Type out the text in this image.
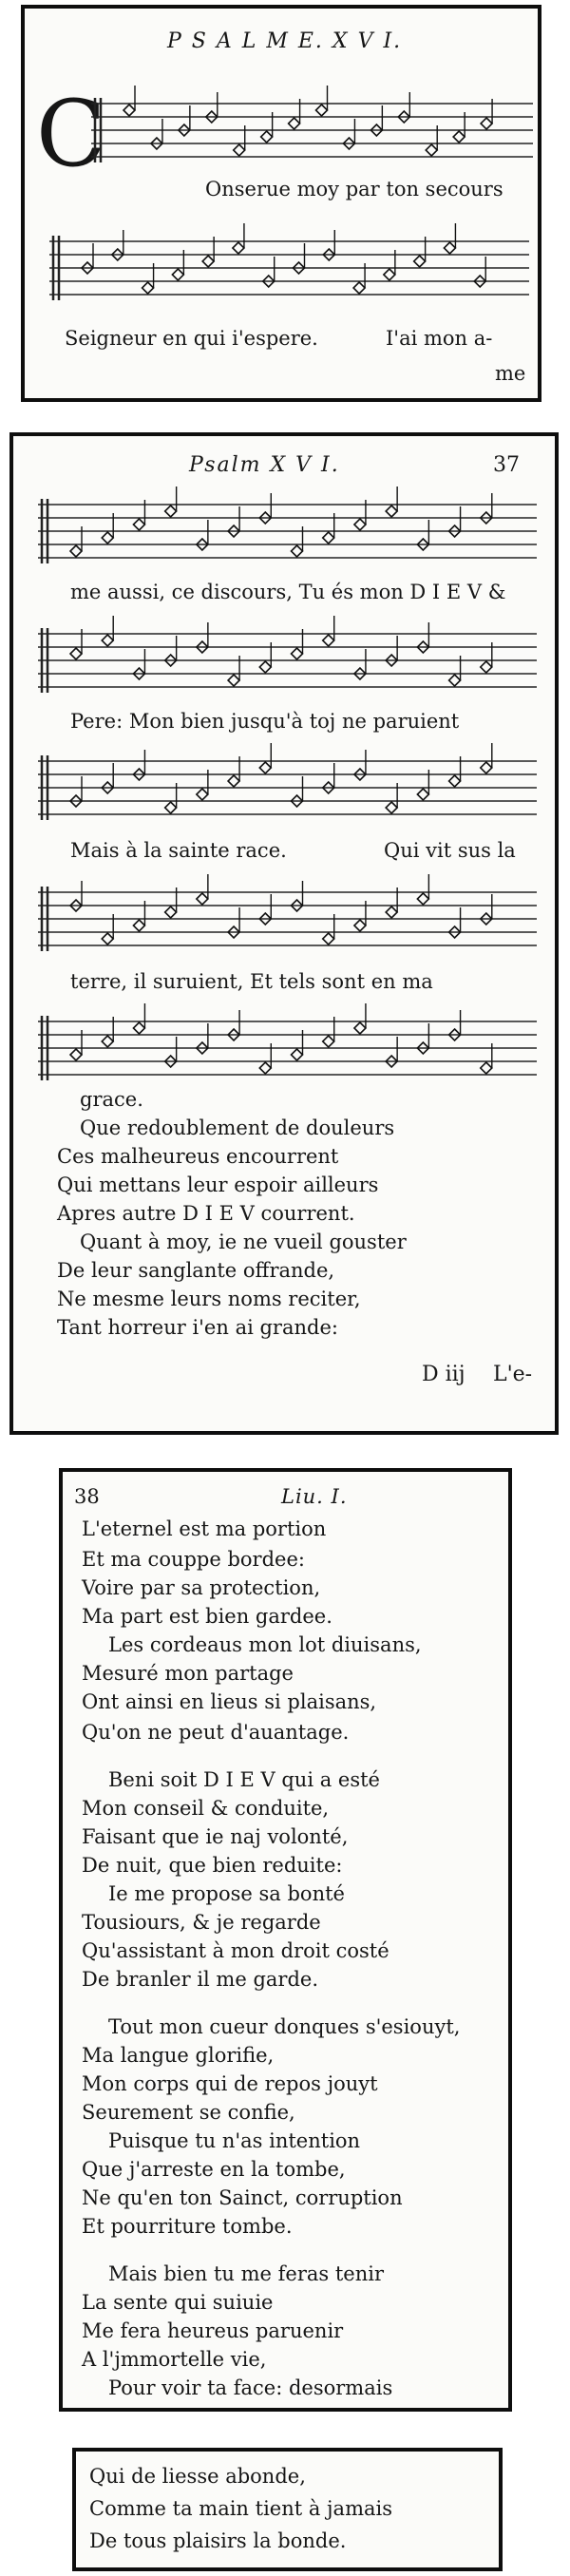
P S A L M E. X V I.
C
Onserue moy par ton secours
Seigneur en qui i'espere.	I'ai mon a-
me
Psalm X V I.	37
me aussi, ce discours, Tu és mon D I E V &
Pere: Mon bien jusqu'à toj ne paruient
Mais à la sainte race.	Qui vit sus la
terre, il suruient, Et tels sont en ma
grace.
Que redoublement de douleurs
Ces malheureus encourrent
Qui mettans leur espoir ailleurs
Apres autre D I E V courrent.
Quant à moy, ie ne vueil gouster
De leur sanglante offrande,
Ne mesme leurs noms reciter,
Tant horreur i'en ai grande:
D iij L'e-
38	Liu. I.
L'eternel est ma portion
Et ma couppe bordee:
Voire par sa protection,
Ma part est bien gardee.
Les cordeaus mon lot diuisans,
Mesuré mon partage
Ont ainsi en lieus si plaisans,
Qu'on ne peut d'auantage.
Beni soit D I E V qui a esté
Mon conseil & conduite,
Faisant que ie naj volonté,
De nuit, que bien reduite:
Ie me propose sa bonté
Tousiours, & je regarde
Qu'assistant à mon droit costé
De branler il me garde.
Tout mon cueur donques s'esiouyt,
Ma langue glorifie,
Mon corps qui de repos jouyt
Seurement se confie,
Puisque tu n'as intention
Que j'arreste en la tombe,
Ne qu'en ton Sainct, corruption
Et pourriture tombe.
Mais bien tu me feras tenir
La sente qui suiuie
Me fera heureus paruenir
A l'jmmortelle vie,
Pour voir ta face: desormais
Qui de liesse abonde,
Comme ta main tient à jamais
De tous plaisirs la bonde.
